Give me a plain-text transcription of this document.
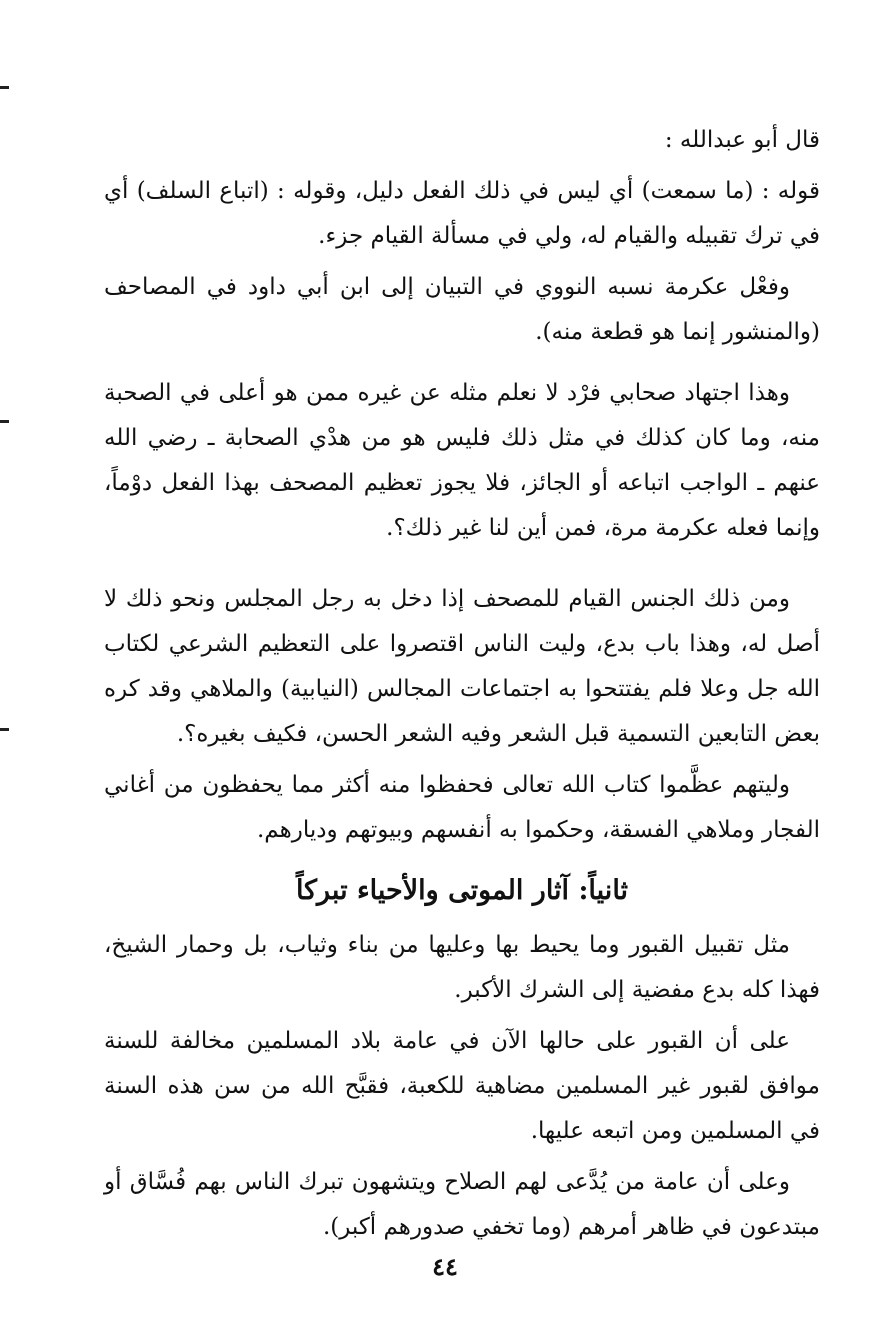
قال أبو عبدالله :

قوله : (ما سمعت) أي ليس في ذلك الفعل دليل، وقوله : (اتباع السلف) أي في ترك تقبيله والقيام له، ولي في مسألة القيام جزء.

وفعْل عكرمة نسبه النووي في التبيان إلى ابن أبي داود في المصاحف (والمنشور إنما هو قطعة منه).

وهذا اجتهاد صحابي فرْد لا نعلم مثله عن غيره ممن هو أعلى في الصحبة منه، وما كان كذلك في مثل ذلك فليس هو من هدْي الصحابة ـ رضي الله عنهم ـ الواجب اتباعه أو الجائز، فلا يجوز تعظيم المصحف بهذا الفعل دوْماً، وإنما فعله عكرمة مرة، فمن أين لنا غير ذلك؟.

ومن ذلك الجنس القيام للمصحف إذا دخل به رجل المجلس ونحو ذلك لا أصل له، وهذا باب بدع، وليت الناس اقتصروا على التعظيم الشرعي لكتاب الله جل وعلا فلم يفتتحوا به اجتماعات المجالس (النيابية) والملاهي وقد كره بعض التابعين التسمية قبل الشعر وفيه الشعر الحسن، فكيف بغيره؟.

وليتهم عظَّموا كتاب الله تعالى فحفظوا منه أكثر مما يحفظون من أغاني الفجار وملاهي الفسقة، وحكموا به أنفسهم وبيوتهم وديارهم.

ثانياً: آثار الموتى والأحياء تبركاً

مثل تقبيل القبور وما يحيط بها وعليها من بناء وثياب، بل وحمار الشيخ، فهذا كله بدع مفضية إلى الشرك الأكبر.

على أن القبور على حالها الآن في عامة بلاد المسلمين مخالفة للسنة موافق لقبور غير المسلمين مضاهية للكعبة، فقبَّح الله من سن هذه السنة في المسلمين ومن اتبعه عليها.

وعلى أن عامة من يُدَّعى لهم الصلاح ويتشهون تبرك الناس بهم فُسَّاق أو مبتدعون في ظاهر أمرهم (وما تخفي صدورهم أكبر).

٤٤
